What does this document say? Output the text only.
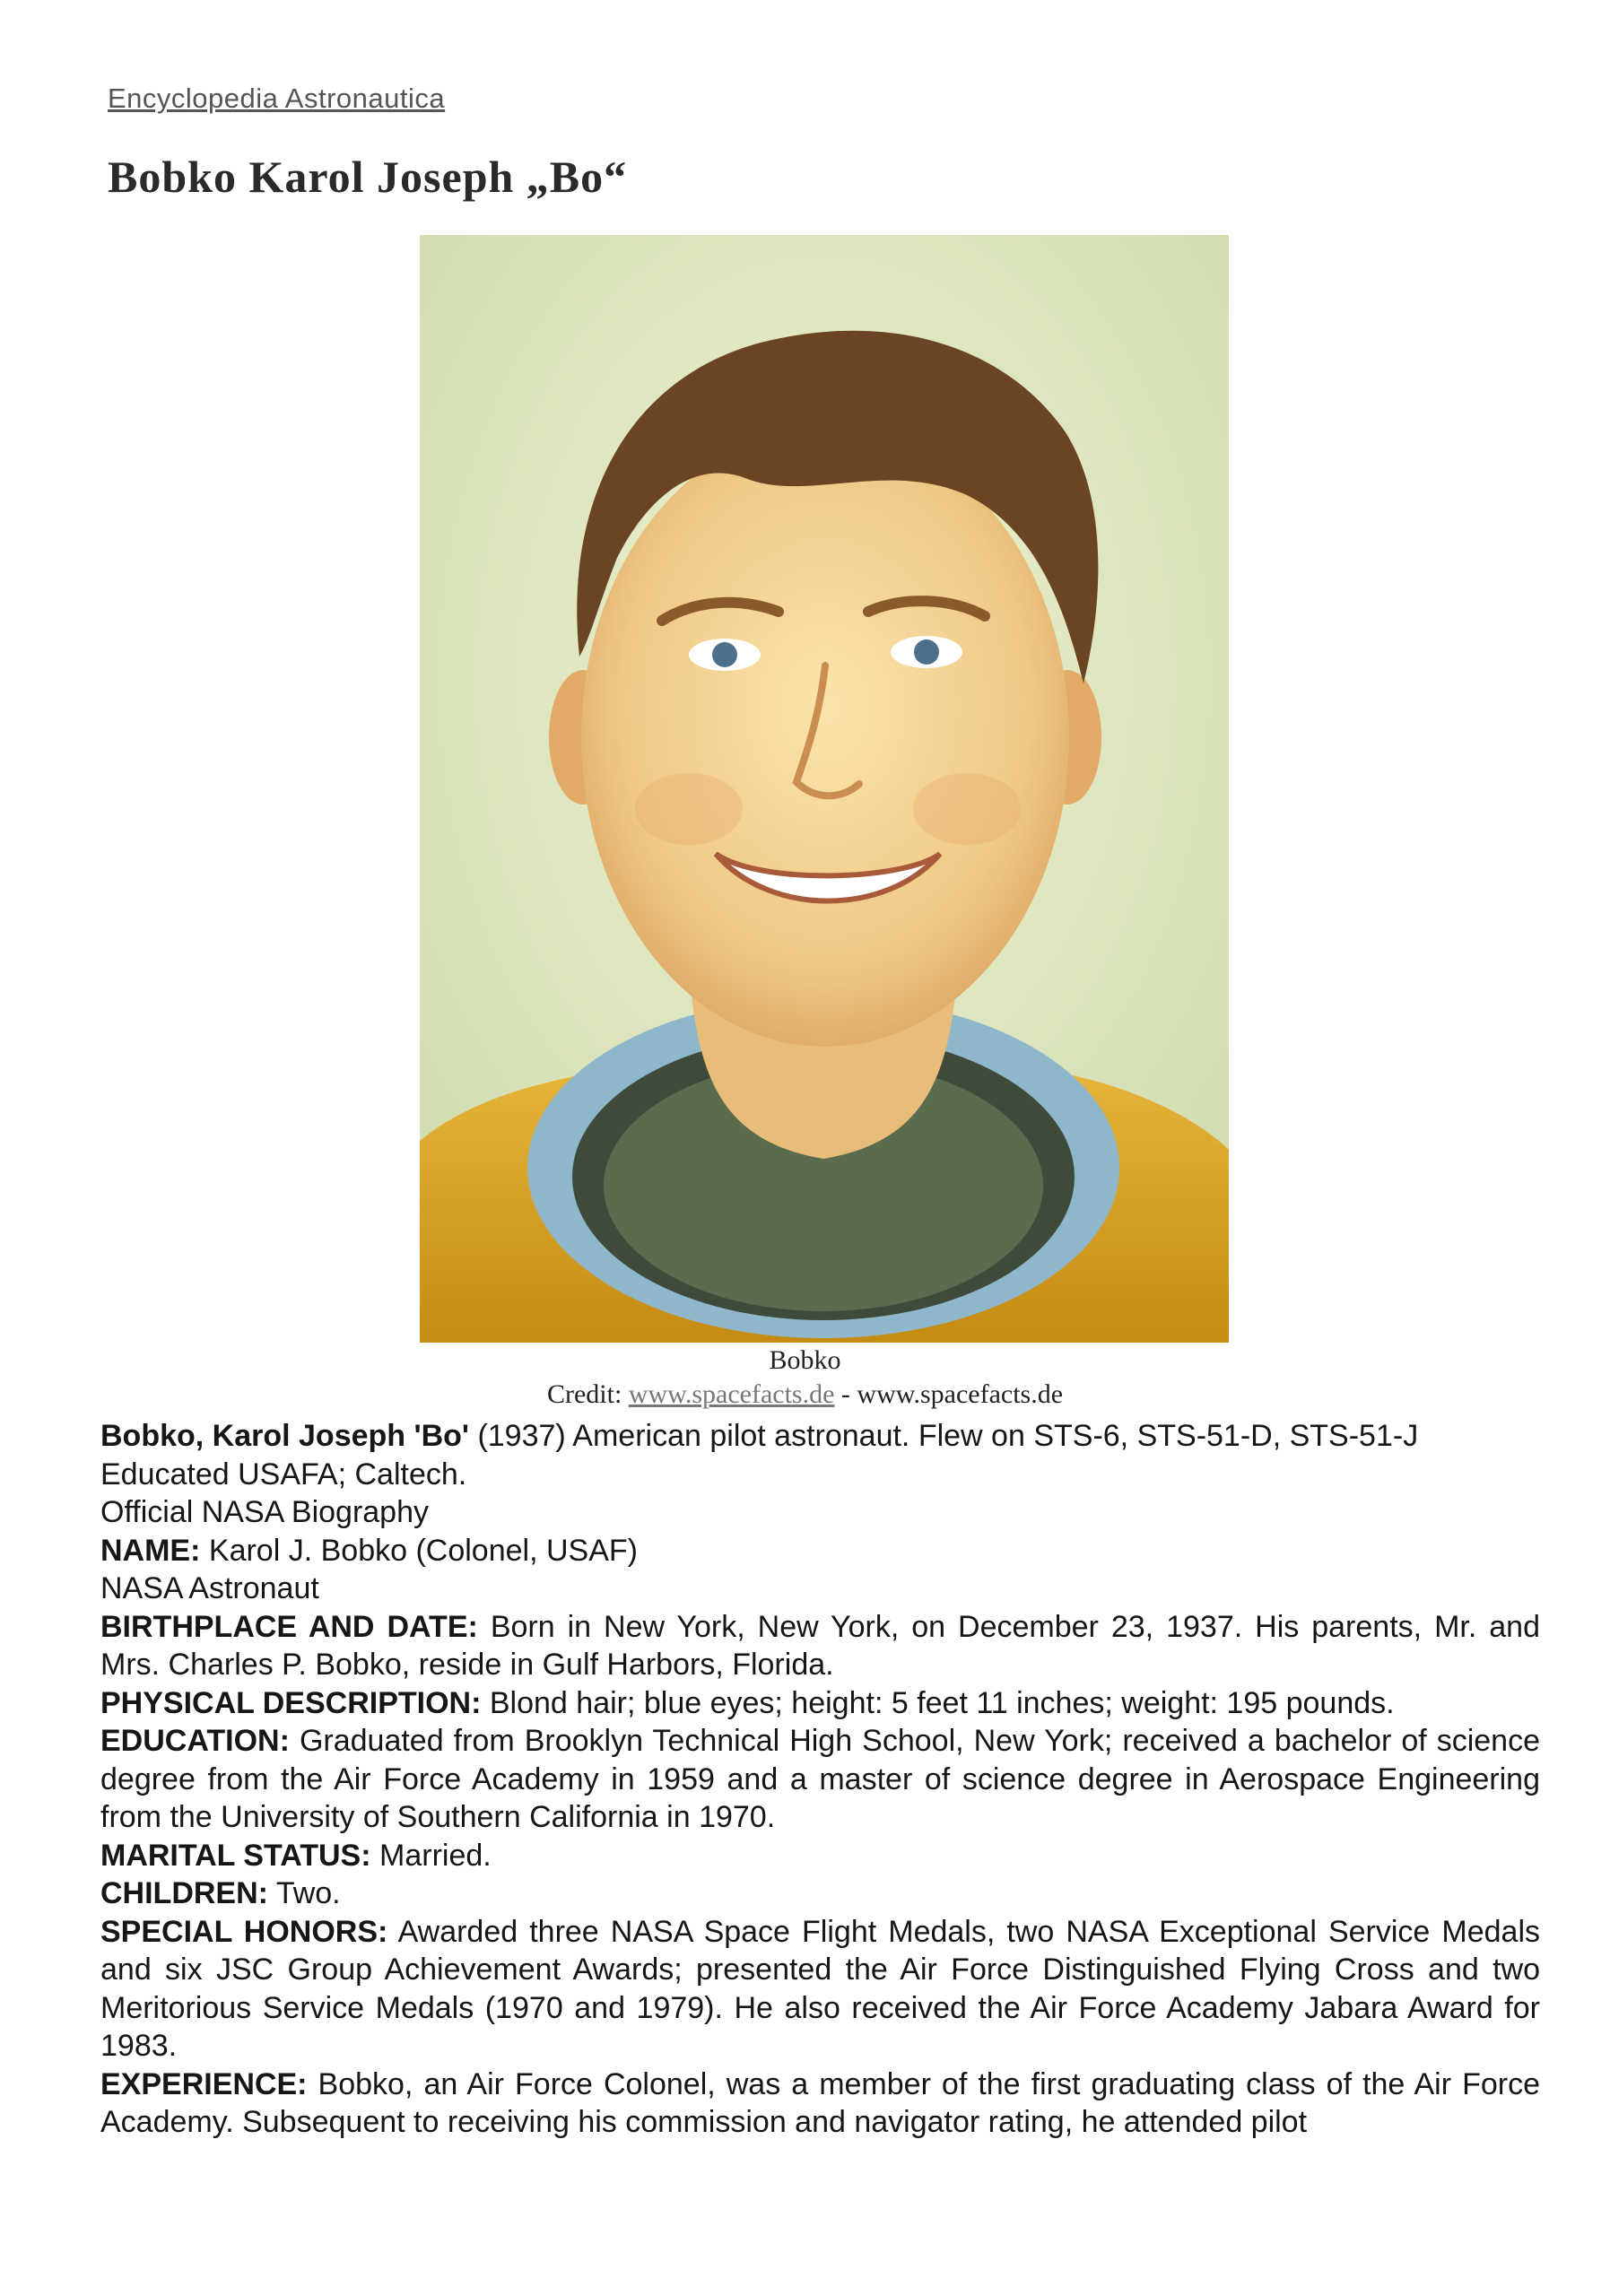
Encyclopedia Astronautica
Bobko Karol Joseph „Bo“
Bobko
Credit: www.spacefacts.de - www.spacefacts.de

Bobko, Karol Joseph 'Bo' (1937) American pilot astronaut. Flew on STS-6, STS-51-D, STS-51-J

Educated USAFA; Caltech.

Official NASA Biography

NAME: Karol J. Bobko (Colonel, USAF)

NASA Astronaut

BIRTHPLACE AND DATE: Born in New York, New York, on December 23, 1937. His parents, Mr. and Mrs. Charles P. Bobko, reside in Gulf Harbors, Florida.

PHYSICAL DESCRIPTION: Blond hair; blue eyes; height: 5 feet 11 inches; weight: 195 pounds.

EDUCATION: Graduated from Brooklyn Technical High School, New York; received a bachelor of science degree from the Air Force Academy in 1959 and a master of science degree in Aerospace Engineering from the University of Southern California in 1970.

MARITAL STATUS: Married.

CHILDREN: Two.

SPECIAL HONORS: Awarded three NASA Space Flight Medals, two NASA Exceptional Service Medals and six JSC Group Achievement Awards; presented the Air Force Distinguished Flying Cross and two Meritorious Service Medals (1970 and 1979). He also received the Air Force Academy Jabara Award for 1983.

EXPERIENCE: Bobko, an Air Force Colonel, was a member of the first graduating class of the Air Force Academy. Subsequent to receiving his commission and navigator rating, he attended pilot
